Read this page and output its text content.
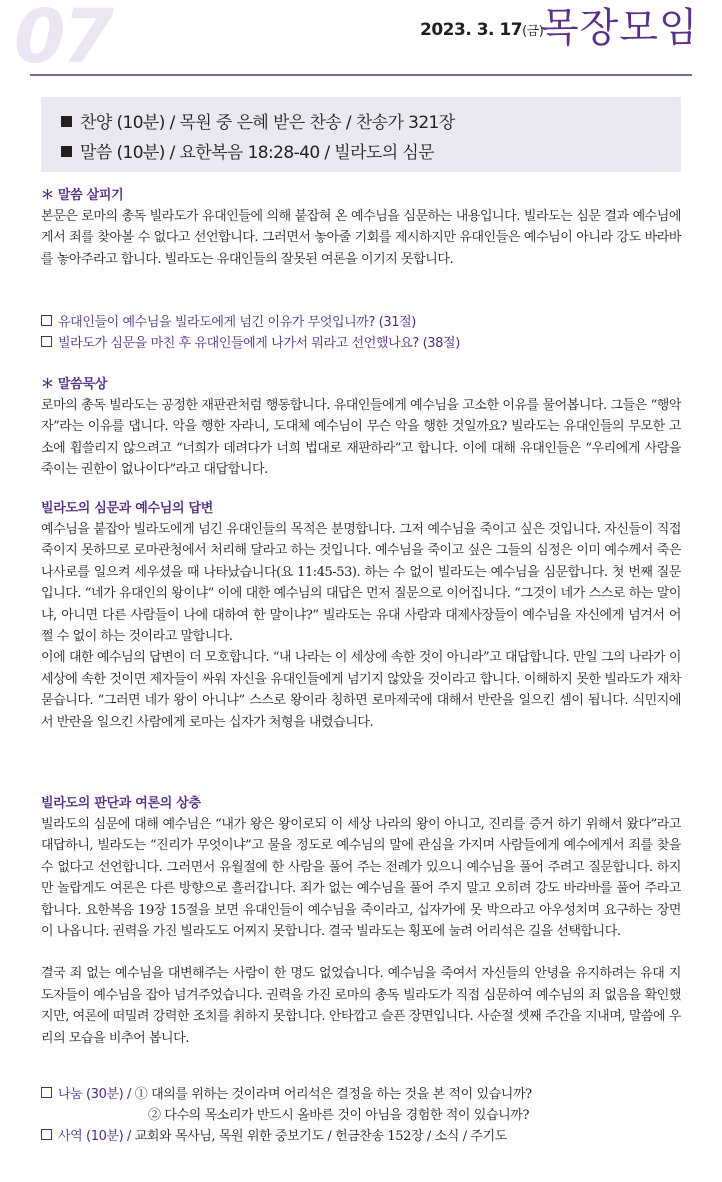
07	2023. 3. 17(금)
목장모임
찬양 (10분) / 목원 중 은혜 받은 찬송 / 찬송가 321장
말씀 (10분) / 요한복음 18:28-40 / 빌라도의 심문
＊ 말씀 살피기

본문은 로마의 총독 빌라도가 유대인들에 의해 붙잡혀 온 예수님을 심문하는 내용입니다. 빌라도는 심문 결과 예수님에게서 죄를 찾아볼 수 없다고 선언합니다. 그러면서 놓아줄 기회를 제시하지만 유대인들은 예수님이 아니라 강도 바라바를 놓아주라고 합니다. 빌라도는 유대인들의 잘못된 여론을 이기지 못합니다.

유대인들이 예수님을 빌라도에게 넘긴 이유가 무엇입니까? (31절)
빌라도가 심문을 마친 후 유대인들에게 나가서 뭐라고 선언했나요? (38절)
＊ 말씀묵상

로마의 총독 빌라도는 공정한 재판관처럼 행동합니다. 유대인들에게 예수님을 고소한 이유를 물어봅니다. 그들은 “행악자”라는 이유를 댑니다. 악을 행한 자라니, 도대체 예수님이 무슨 악을 행한 것일까요? 빌라도는 유대인들의 무모한 고소에 휩쓸리지 않으려고 “너희가 데려다가 너희 법대로 재판하라”고 합니다. 이에 대해 유대인들은 “우리에게 사람을 죽이는 권한이 없나이다”라고 대답합니다.

빌라도의 심문과 예수님의 답변

예수님을 붙잡아 빌라도에게 넘긴 유대인들의 목적은 분명합니다. 그저 예수님을 죽이고 싶은 것입니다. 자신들이 직접 죽이지 못하므로 로마관청에서 처리해 달라고 하는 것입니다. 예수님을 죽이고 싶은 그들의 심정은 이미 예수께서 죽은 나사로를 일으켜 세우셨을 때 나타났습니다(요 11:45-53). 하는 수 없이 빌라도는 예수님을 심문합니다. 첫 번째 질문입니다. “네가 유대인의 왕이냐” 이에 대한 예수님의 대답은 먼저 질문으로 이어집니다. “그것이 네가 스스로 하는 말이냐, 아니면 다른 사람들이 나에 대하여 한 말이냐?” 빌라도는 유대 사람과 대제사장들이 예수님을 자신에게 넘겨서 어쩔 수 없이 하는 것이라고 말합니다.

이에 대한 예수님의 답변이 더 모호합니다. “내 나라는 이 세상에 속한 것이 아니라”고 대답합니다. 만일 그의 나라가 이 세상에 속한 것이면 제자들이 싸워 자신을 유대인들에게 넘기지 않았을 것이라고 합니다. 이해하지 못한 빌라도가 재차 묻습니다. “그러면 네가 왕이 아니냐” 스스로 왕이라 칭하면 로마제국에 대해서 반란을 일으킨 셈이 됩니다. 식민지에서 반란을 일으킨 사람에게 로마는 십자가 처형을 내렸습니다.

빌라도의 판단과 여론의 상충

빌라도의 심문에 대해 예수님은 “내가 왕은 왕이로되 이 세상 나라의 왕이 아니고, 진리를 증거 하기 위해서 왔다”라고 대답하니, 빌라도는 “진리가 무엇이냐”고 물을 정도로 예수님의 말에 관심을 가지며 사람들에게 예수에게서 죄를 찾을 수 없다고 선언합니다. 그러면서 유월절에 한 사람을 풀어 주는 전례가 있으니 예수님을 풀어 주려고 질문합니다. 하지만 놀랍게도 여론은 다른 방향으로 흘러갑니다. 죄가 없는 예수님을 풀어 주지 말고 오히려 강도 바라바를 풀어 주라고 합니다. 요한복음 19장 15절을 보면 유대인들이 예수님을 죽이라고, 십자가에 못 박으라고 아우성치며 요구하는 장면이 나옵니다. 권력을 가진 빌라도도 어찌지 못합니다. 결국 빌라도는 횡포에 눌려 어리석은 길을 선택합니다.

결국 죄 없는 예수님을 대변해주는 사람이 한 명도 없었습니다. 예수님을 죽여서 자신들의 안녕을 유지하려는 유대 지도자들이 예수님을 잡아 넘겨주었습니다. 권력을 가진 로마의 총독 빌라도가 직접 심문하여 예수님의 죄 없음을 확인했지만, 여론에 떠밀려 강력한 조치를 취하지 못합니다. 안타깝고 슬픈 장면입니다. 사순절 셋째 주간을 지내며, 말씀에 우리의 모습을 비추어 봅니다.

나눔 (30분) / ① 대의를 위하는 것이라며 어리석은 결정을 하는 것을 본 적이 있습니까?
② 다수의 목소리가 반드시 올바른 것이 아님을 경험한 적이 있습니까?
사역 (10분) / 교회와 목사님, 목원 위한 중보기도 / 헌금찬송 152장 / 소식 / 주기도
